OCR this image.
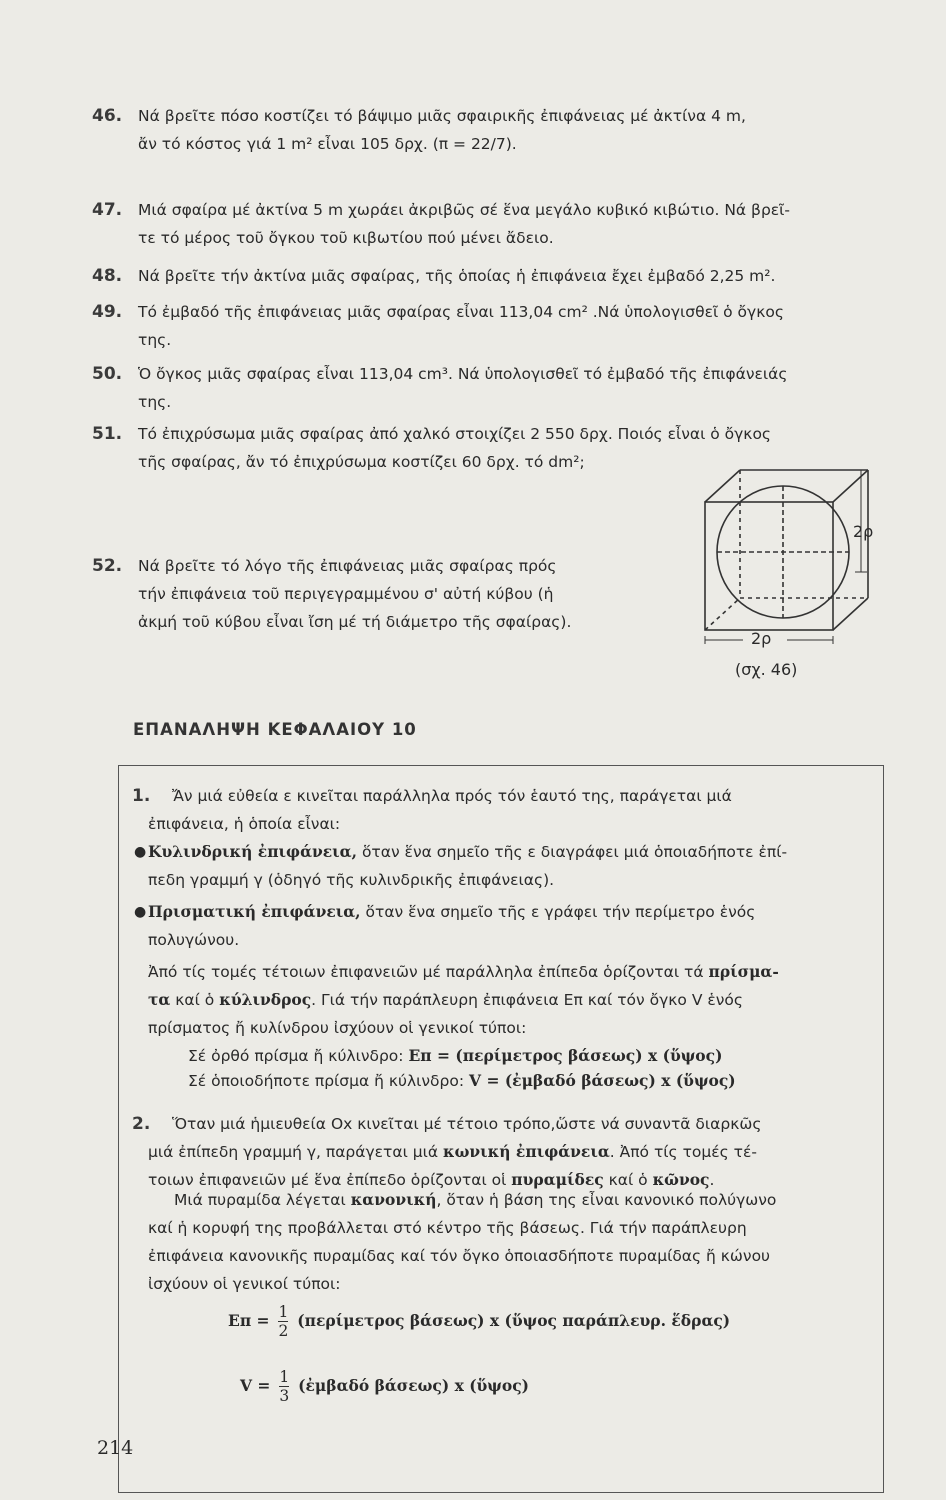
46. Νά βρεῖτε πόσο κοστίζει τό βάψιμο μιᾶς σφαιρικῆς ἐπιφάνειας μέ ἀκτίνα 4 m,

ἄν τό κόστος γιά 1 m² εἶναι 105 δρχ. (π = 22/7).

47. Μιά σφαίρα μέ ἀκτίνα 5 m χωράει ἀκριβῶς σέ ἕνα μεγάλο κυβικό κιβώτιο. Νά βρεῖ-

τε τό μέρος τοῦ ὄγκου τοῦ κιβωτίου πού μένει ἄδειο.

48. Νά βρεῖτε τήν ἀκτίνα μιᾶς σφαίρας, τῆς ὁποίας ἡ ἐπιφάνεια ἔχει ἐμβαδό 2,25 m².

49. Τό ἐμβαδό τῆς ἐπιφάνειας μιᾶς σφαίρας εἶναι 113,04 cm² .Νά ὑπολογισθεῖ ὁ ὄγκος

της.

50. Ὁ ὄγκος μιᾶς σφαίρας εἶναι 113,04 cm³. Νά ὑπολογισθεῖ τό ἐμβαδό τῆς ἐπιφάνειάς

της.

51. Τό ἐπιχρύσωμα μιᾶς σφαίρας ἀπό χαλκό στοιχίζει 2 550 δρχ. Ποιός εἶναι ὁ ὄγκος

τῆς σφαίρας, ἄν τό ἐπιχρύσωμα κοστίζει 60 δρχ. τό dm²;

52. Νά βρεῖτε τό λόγο τῆς ἐπιφάνειας μιᾶς σφαίρας πρός

τήν ἐπιφάνεια τοῦ περιγεγραμμένου σ' αὐτή κύβου (ἡ

ἀκμή τοῦ κύβου εἶναι ἴση μέ τή διάμετρο τῆς σφαίρας).

2ρ
2ρ
(σχ. 46)
ΕΠΑΝΑΛΗΨΗ ΚΕΦΑΛΑΙΟΥ 10
1. Ἄν μιά εὐθεία ε κινεῖται παράλληλα πρός τόν ἑαυτό της, παράγεται μιά

ἐπιφάνεια, ἡ ὁποία εἶναι:

● Κυλινδρική ἐπιφάνεια, ὅταν ἕνα σημεῖο τῆς ε διαγράφει μιά ὁποιαδήποτε ἐπί-

πεδη γραμμή γ (ὁδηγό τῆς κυλινδρικῆς ἐπιφάνειας).

● Πρισματική ἐπιφάνεια, ὅταν ἕνα σημεῖο τῆς ε γράφει τήν περίμετρο ἑνός

πολυγώνου.

Ἀπό τίς τομές τέτοιων ἐπιφανειῶν μέ παράλληλα ἐπίπεδα ὁρίζονται τά πρίσμα-

τα καί ὁ κύλινδρος. Γιά τήν παράπλευρη ἐπιφάνεια Επ καί τόν ὄγκο V ἑνός

πρίσματος ἤ κυλίνδρου ἰσχύουν οἱ γενικοί τύποι:

Σέ ὀρθό πρίσμα ἤ κύλινδρο: Επ = (περίμετρος βάσεως) x (ὕψος)
Σέ ὁποιοδήποτε πρίσμα ἤ κύλινδρο: V = (ἐμβαδό βάσεως) x (ὕψος)
2. Ὅταν μιά ἡμιευθεία Οx κινεῖται μέ τέτοιο τρόπο,ὥστε νά συναντᾶ διαρκῶς

μιά ἐπίπεδη γραμμή γ, παράγεται μιά κωνική ἐπιφάνεια. Ἀπό τίς τομές τέ-

τοιων ἐπιφανειῶν μέ ἕνα ἐπίπεδο ὁρίζονται οἱ πυραμίδες καί ὁ κῶνος.

Μιά πυραμίδα λέγεται κανονική, ὅταν ἡ βάση της εἶναι κανονικό πολύγωνο

καί ἡ κορυφή της προβάλλεται στό κέντρο τῆς βάσεως. Γιά τήν παράπλευρη

ἐπιφάνεια κανονικῆς πυραμίδας καί τόν ὄγκο ὁποιασδήποτε πυραμίδας ἤ κώνου

ἰσχύουν οἱ γενικοί τύποι:

$E\pi = \frac{1}{2} (\pi\varepsilon\rho ί\mu\varepsilon\tau\rho o\varsigma$ βάσεως) x (ὕψος παράπλευρ. ἕδρας)
$V = \frac{1}{3}$ (ἐμβαδό βάσεως) x (ὕψος)
214
